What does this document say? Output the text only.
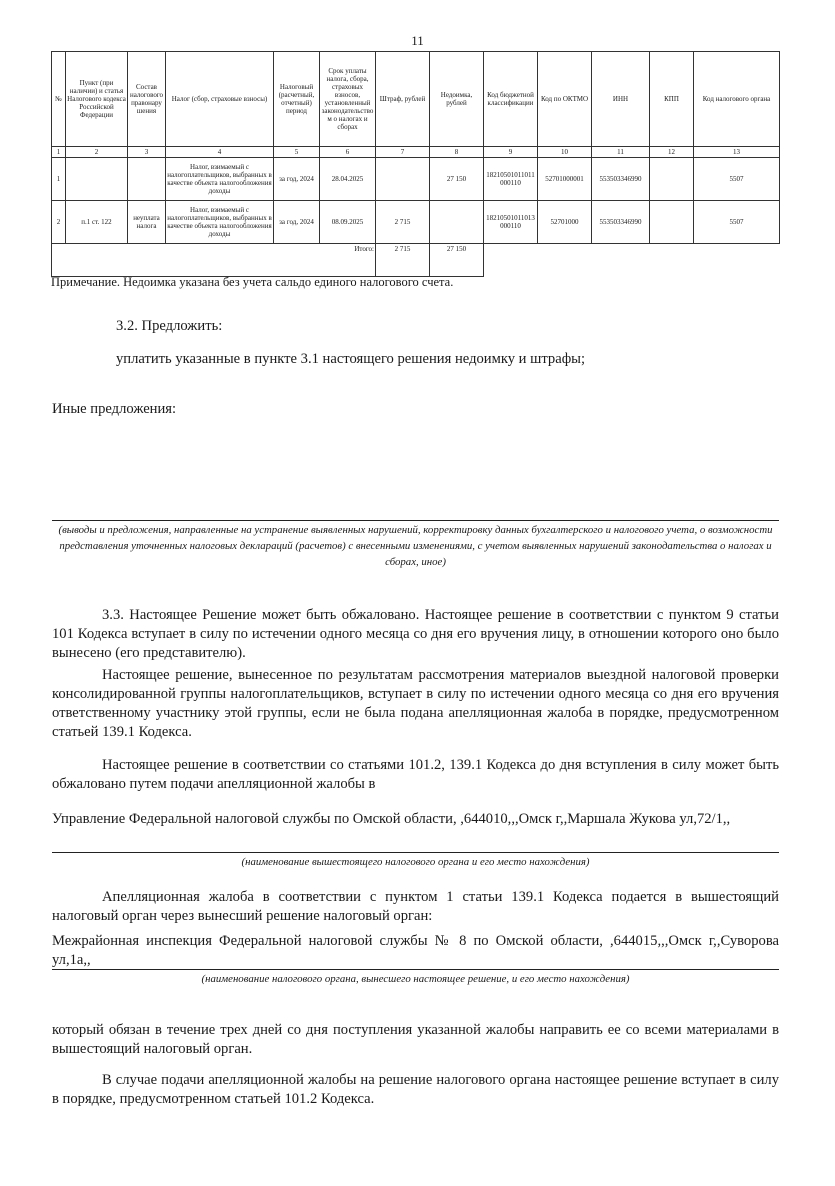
11
№	Пункт (при наличии) и статья Налогового кодекса Российской Федерации	Состав налогового правонарушения	Налог (сбор, страховые взносы)	Налоговый (расчетный, отчетный) период	Срок уплаты налога, сбора, страховых взносов, установленный законодательством о налогах и сборах	Штраф, рублей	Недоимка, рублей	Код бюджетной классификации	Код по ОКТМО	ИНН	КПП	Код налогового органа
1	2	3	4	5	6	7	8	9	10	11	12	13
1			Налог, взимаемый с налогоплательщиков, выбранных в качестве объекта налогообложения доходы	за год, 2024	28.04.2025		27 150	18210501011011000110	52701000001	553503346990		5507
2	п.1 ст. 122	неуплата налога	Налог, взимаемый с налогоплательщиков, выбранных в качестве объекта налогообложения доходы	за год, 2024	08.09.2025	2 715		18210501011013000110	52701000	553503346990		5507
Итого:						2 715	27 150					
Примечание. Недоимка указана без учета сальдо единого налогового счета.
3.2. Предложить:
уплатить указанные в пункте 3.1 настоящего решения недоимку и штрафы;
Иные предложения:
(выводы и предложения, направленные на устранение выявленных нарушений, корректировку данных бухгалтерского и налогового учета, о возможности представления уточненных налоговых деклараций (расчетов) с внесенными изменениями, с учетом выявленных нарушений законодательства о налогах и сборах, иное)
3.3. Настоящее Решение может быть обжаловано. Настоящее решение в соответствии с пунктом 9 статьи 101 Кодекса вступает в силу по истечении одного месяца со дня его вручения лицу, в отношении которого оно было вынесено (его представителю).
Настоящее решение, вынесенное по результатам рассмотрения материалов выездной налоговой проверки консолидированной группы налогоплательщиков, вступает в силу по истечении одного месяца со дня его вручения ответственному участнику этой группы, если не была подана апелляционная жалоба в порядке, предусмотренном статьей 139.1 Кодекса.
Настоящее решение в соответствии со статьями 101.2, 139.1 Кодекса до дня вступления в силу может быть обжаловано путем подачи апелляционной жалобы в
Управление Федеральной налоговой службы по Омской области, ,644010,,,Омск г,,Маршала Жукова ул,72/1,,
(наименование вышестоящего налогового органа и его место нахождения)
Апелляционная жалоба в соответствии с пунктом 1 статьи 139.1 Кодекса подается в вышестоящий налоговый орган через вынесший решение налоговый орган:
Межрайонная инспекция Федеральной налоговой службы № 8 по Омской области, ,644015,,,Омск г,,Суворова ул,1а,,
(наименование налогового органа, вынесшего настоящее решение, и его место нахождения)
который обязан в течение трех дней со дня поступления указанной жалобы направить ее со всеми материалами в вышестоящий налоговый орган.
В случае подачи апелляционной жалобы на решение налогового органа настоящее решение вступает в силу в порядке, предусмотренном статьей 101.2 Кодекса.
